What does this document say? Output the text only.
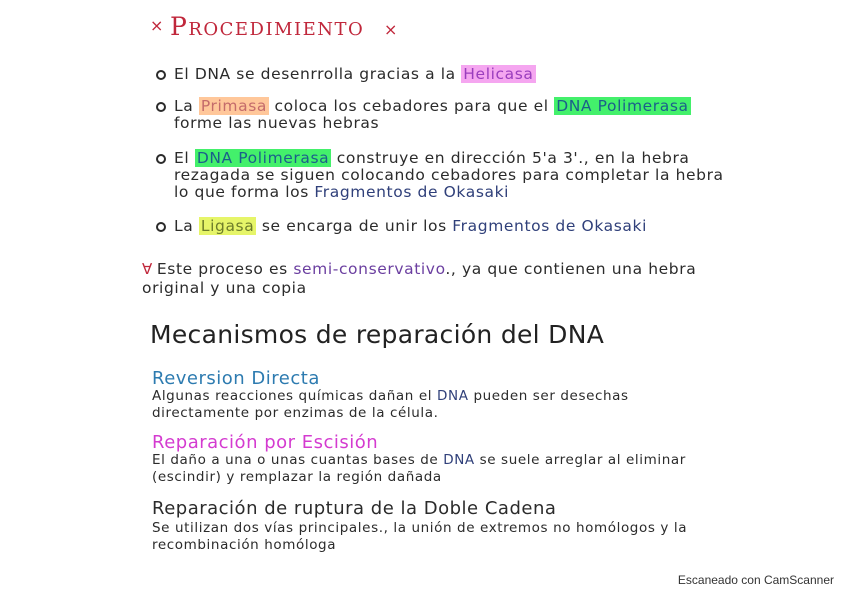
× Procedimiento ×
El DNA se desenrrolla gracias a la Helicasa
La Primasa coloca los cebadores para que el DNA Polimerasa forme las nuevas hebras
El DNA Polimerasa construye en dirección 5'a 3'., en la hebra rezagada se siguen colocando cebadores para completar la hebra lo que forma los Fragmentos de Okasaki
La Ligasa se encarga de unir los Fragmentos de Okasaki
∀ Este proceso es semi-conservativo., ya que contienen una hebra original y una copia
Mecanismos de reparación del DNA
Reversion Directa
Algunas reacciones químicas dañan el DNA pueden ser desechas directamente por enzimas de la célula.
Reparación por Escisión
El daño a una o unas cuantas bases de DNA se suele arreglar al eliminar (escindir) y remplazar la región dañada
Reparación de ruptura de la Doble Cadena
Se utilizan dos vías principales., la unión de extremos no homólogos y la recombinación homóloga
Escaneado con CamScanner
